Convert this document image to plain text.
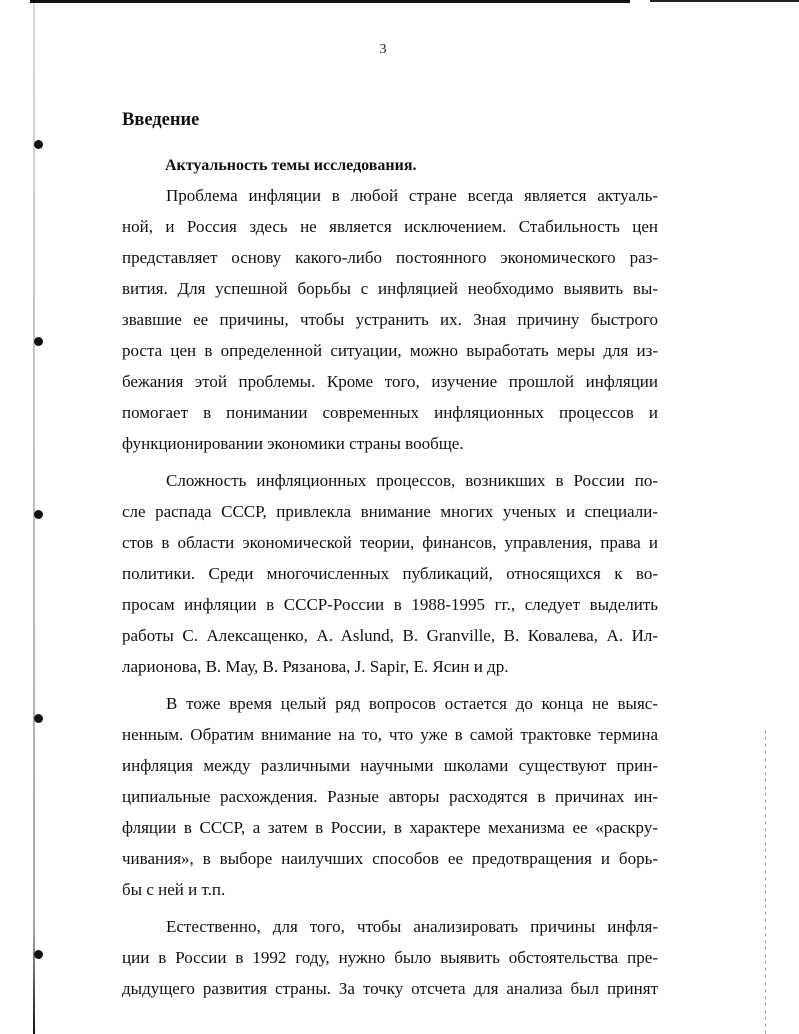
3
Введение
Актуальность темы исследования.

Проблема инфляции в любой стране всегда является актуаль-
ной, и Россия здесь не является исключением. Стабильность цен
представляет основу какого-либо постоянного экономического раз-
вития. Для успешной борьбы с инфляцией необходимо выявить вы-
звавшие ее причины, чтобы устранить их. Зная причину быстрого
роста цен в определенной ситуации, можно выработать меры для из-
бежания этой проблемы. Кроме того, изучение прошлой инфляции
помогает в понимании современных инфляционных процессов и
функционировании экономики страны вообще.

Сложность инфляционных процессов, возникших в России по-
сле распада СССР, привлекла внимание многих ученых и специали-
стов в области экономической теории, финансов, управления, права и
политики. Среди многочисленных публикаций, относящихся к во-
просам инфляции в СССР-России в 1988-1995 гг., следует выделить
работы С. Алексащенко, A. Aslund, B. Granville, В. Ковалева, А. Ил-
ларионова, В. Мау, В. Рязанова, J. Sapir, Е. Ясин и др.

В тоже время целый ряд вопросов остается до конца не выяс-
ненным. Обратим внимание на то, что уже в самой трактовке термина
инфляция между различными научными школами существуют прин-
ципиальные расхождения. Разные авторы расходятся в причинах ин-
фляции в СССР, а затем в России, в характере механизма ее «раскру-
чивания», в выборе наилучших способов ее предотвращения и борь-
бы с ней и т.п.

Естественно, для того, чтобы анализировать причины инфля-
ции в России в 1992 году, нужно было выявить обстоятельства пре-
дыдущего развития страны. За точку отсчета для анализа был принят
